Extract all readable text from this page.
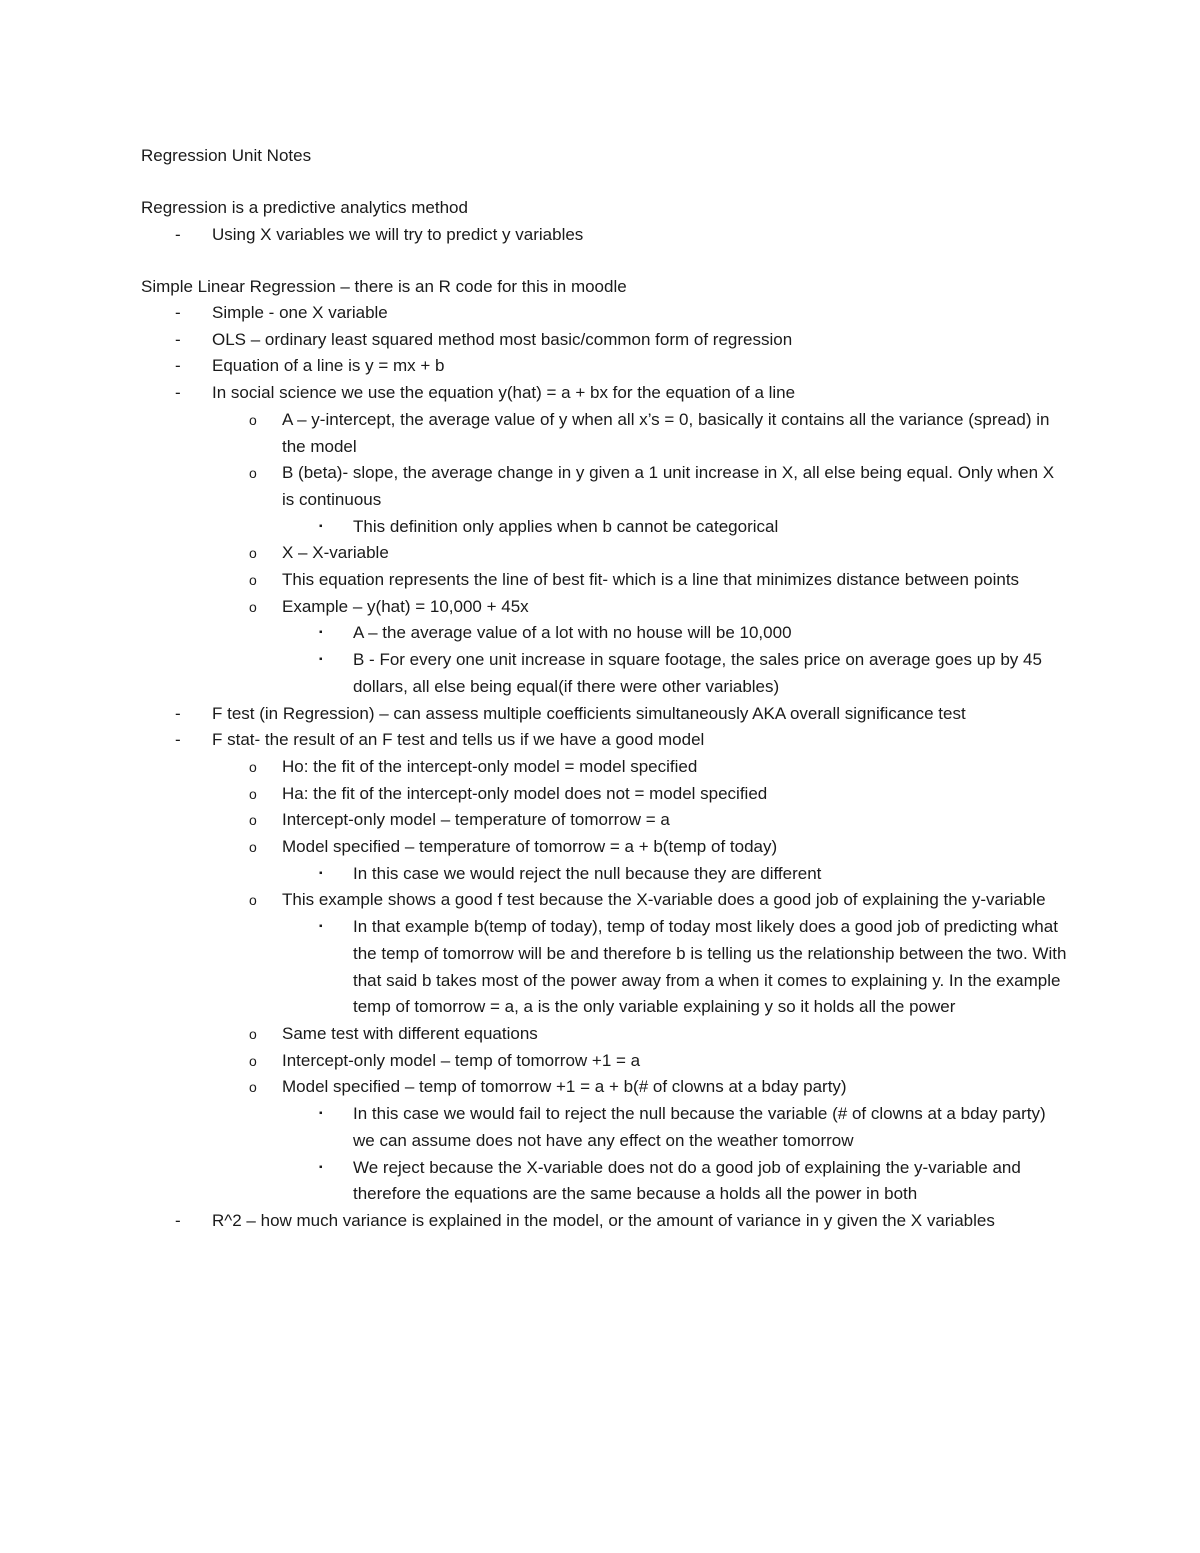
Regression Unit Notes

Regression is a predictive analytics method

- Using X variables we will try to predict y variables

Simple Linear Regression – there is an R code for this in moodle

- Simple - one X variable
- OLS – ordinary least squared method most basic/common form of regression
- Equation of a line is y = mx + b
- In social science we use the equation y(hat) = a + bx for the equation of a line
o A – y-intercept, the average value of y when all x’s = 0, basically it contains all the variance (spread) in the model
o B (beta)- slope, the average change in y given a 1 unit increase in X, all else being equal. Only when X is continuous
▪ This definition only applies when b cannot be categorical
o X – X-variable
o This equation represents the line of best fit- which is a line that minimizes distance between points
o Example – y(hat) = 10,000 + 45x
▪ A – the average value of a lot with no house will be 10,000
▪ B - For every one unit increase in square footage, the sales price on average goes up by 45 dollars, all else being equal(if there were other variables)
- F test (in Regression) – can assess multiple coefficients simultaneously AKA overall significance test
- F stat- the result of an F test and tells us if we have a good model
o Ho: the fit of the intercept-only model = model specified
o Ha: the fit of the intercept-only model does not = model specified
o Intercept-only model – temperature of tomorrow = a
o Model specified – temperature of tomorrow = a + b(temp of today)
▪ In this case we would reject the null because they are different
o This example shows a good f test because the X-variable does a good job of explaining the y-variable
▪ In that example b(temp of today), temp of today most likely does a good job of predicting what the temp of tomorrow will be and therefore b is telling us the relationship between the two. With that said b takes most of the power away from a when it comes to explaining y. In the example temp of tomorrow = a, a is the only variable explaining y so it holds all the power
o Same test with different equations
o Intercept-only model – temp of tomorrow +1 = a
o Model specified – temp of tomorrow +1 = a + b(# of clowns at a bday party)
▪ In this case we would fail to reject the null because the variable (# of clowns at a bday party) we can assume does not have any effect on the weather tomorrow
▪ We reject because the X-variable does not do a good job of explaining the y-variable and therefore the equations are the same because a holds all the power in both
- R^2 – how much variance is explained in the model, or the amount of variance in y given the X variables
